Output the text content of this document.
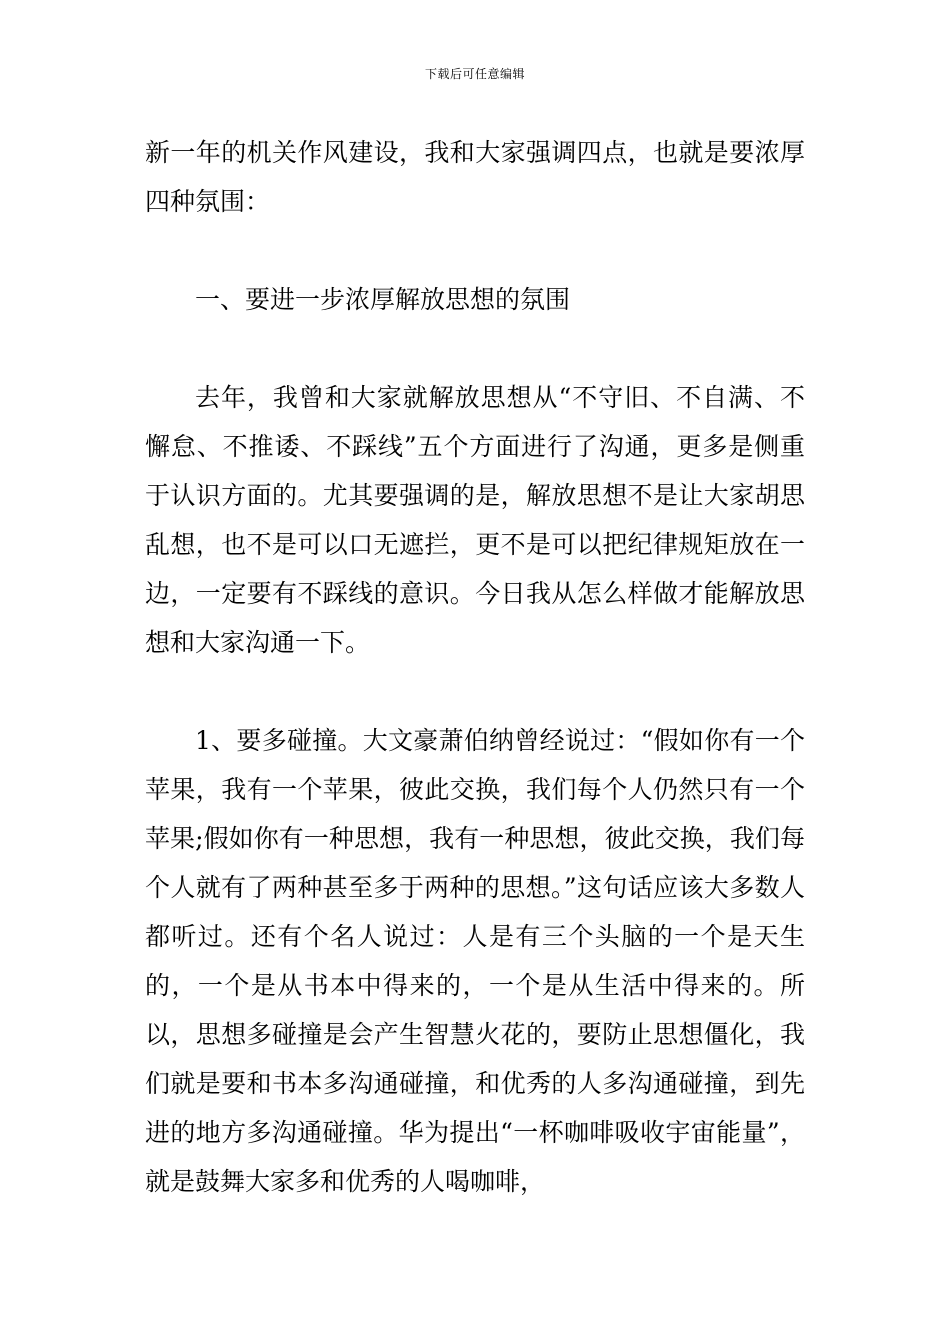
下载后可任意编辑

新一年的机关作风建设，我和大家强调四点，也就是要浓厚四种氛围：

一、要进一步浓厚解放思想的氛围

去年，我曾和大家就解放思想从“不守旧、不自满、不懈怠、不推诿、不踩线”五个方面进行了沟通，更多是侧重于认识方面的。尤其要强调的是，解放思想不是让大家胡思乱想，也不是可以口无遮拦，更不是可以把纪律规矩放在一边，一定要有不踩线的意识。今日我从怎么样做才能解放思想和大家沟通一下。

1、要多碰撞。大文豪萧伯纳曾经说过：“假如你有一个苹果，我有一个苹果，彼此交换，我们每个人仍然只有一个苹果;假如你有一种思想，我有一种思想，彼此交换，我们每个人就有了两种甚至多于两种的思想。”这句话应该大多数人都听过。还有个名人说过：人是有三个头脑的一个是天生的，一个是从书本中得来的，一个是从生活中得来的。所以，思想多碰撞是会产生智慧火花的，要防止思想僵化，我们就是要和书本多沟通碰撞，和优秀的人多沟通碰撞，到先进的地方多沟通碰撞。华为提出“一杯咖啡吸收宇宙能量”，就是鼓舞大家多和优秀的人喝咖啡，
